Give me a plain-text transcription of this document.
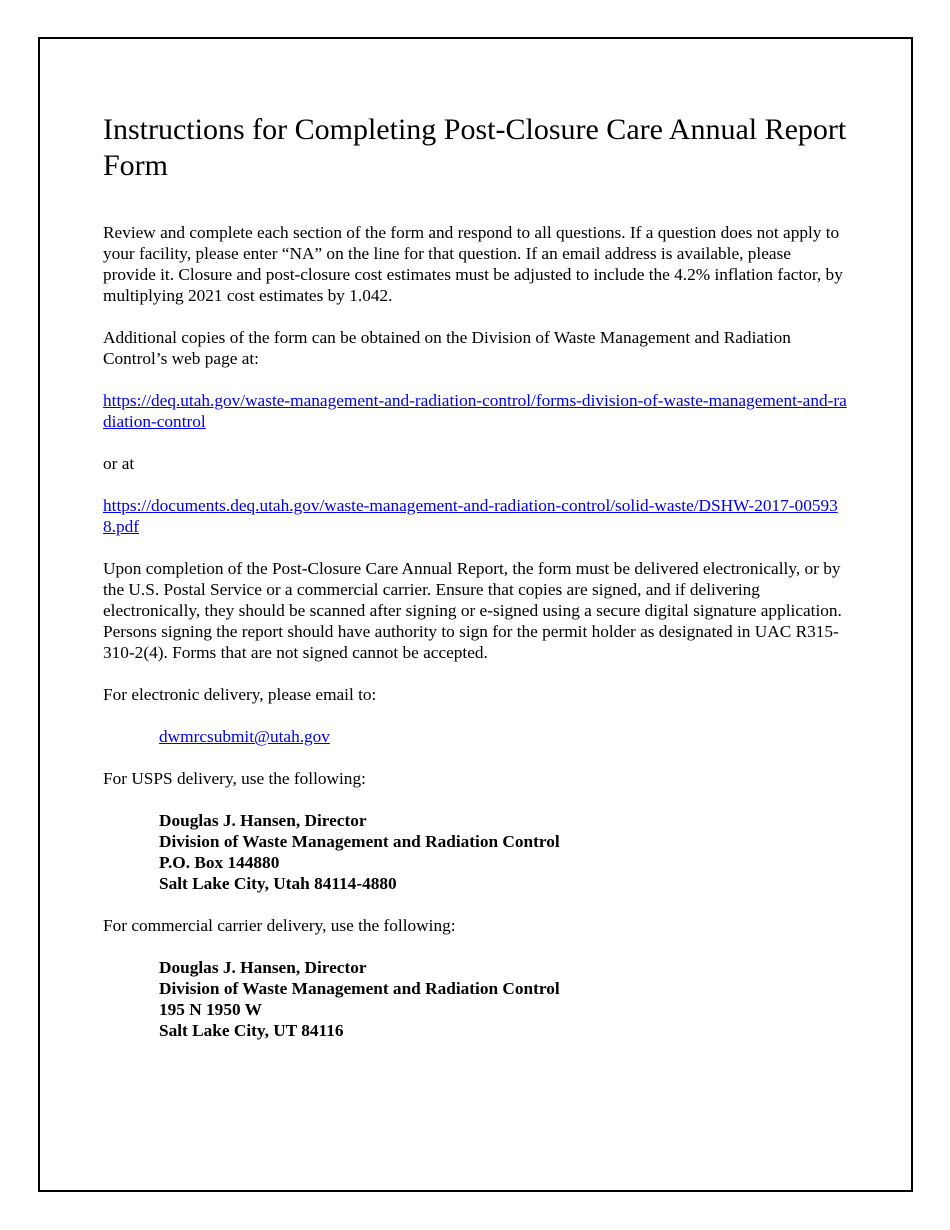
Instructions for Completing Post-Closure Care Annual Report Form

Review and complete each section of the form and respond to all questions. If a question does not apply to your facility, please enter “NA” on the line for that question. If an email address is available, please provide it. Closure and post-closure cost estimates must be adjusted to include the 4.2% inflation factor, by multiplying 2021 cost estimates by 1.042.

Additional copies of the form can be obtained on the Division of Waste Management and Radiation Control’s web page at:

https://deq.utah.gov/waste-management-and-radiation-control/forms-division-of-waste-management-and-radiation-control

or at

https://documents.deq.utah.gov/waste-management-and-radiation-control/solid-waste/DSHW-2017-005938.pdf

Upon completion of the Post-Closure Care Annual Report, the form must be delivered electronically, or by the U.S. Postal Service or a commercial carrier. Ensure that copies are signed, and if delivering electronically, they should be scanned after signing or e-signed using a secure digital signature application. Persons signing the report should have authority to sign for the permit holder as designated in UAC R315-310-2(4). Forms that are not signed cannot be accepted.

For electronic delivery, please email to:

dwmrcsubmit@utah.gov

For USPS delivery, use the following:

Douglas J. Hansen, Director

Division of Waste Management and Radiation Control

P.O. Box 144880

Salt Lake City, Utah 84114-4880

For commercial carrier delivery, use the following:

Douglas J. Hansen, Director

Division of Waste Management and Radiation Control

195 N 1950 W

Salt Lake City, UT 84116
